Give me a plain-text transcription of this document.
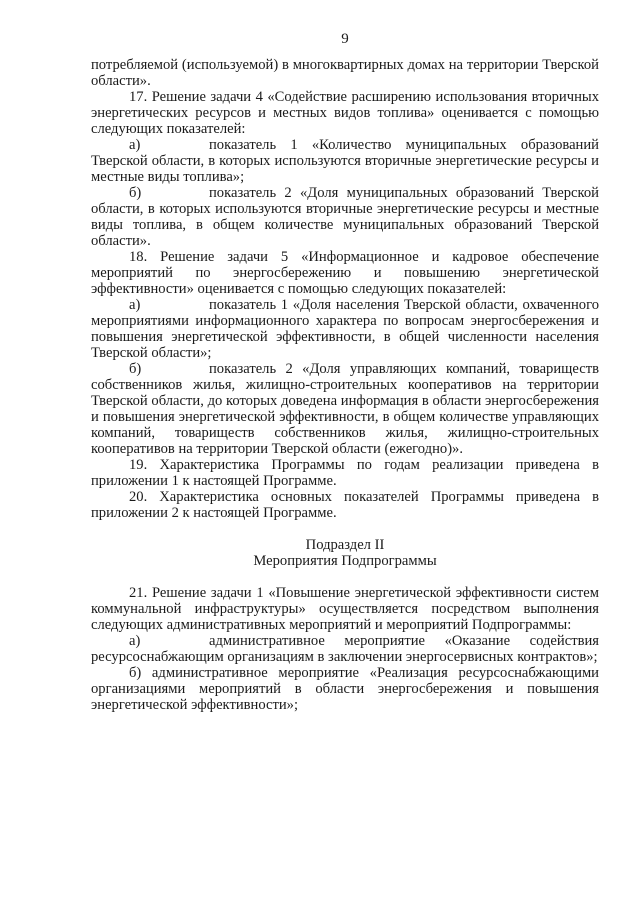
9

потребляемой (используемой) в многоквартирных домах на территории Тверской области».

17. Решение задачи 4 «Содействие расширению использования вторичных энергетических ресурсов и местных видов топлива» оценивается с помощью следующих показателей:

а)	показатель 1 «Количество муниципальных образований Тверской области, в которых используются вторичные энергетические ресурсы и местные виды топлива»;

б)	показатель 2 «Доля муниципальных образований Тверской области, в которых используются вторичные энергетические ресурсы и местные виды топлива, в общем количестве муниципальных образований Тверской области».

18. Решение задачи 5 «Информационное и кадровое обеспечение мероприятий по энергосбережению и повышению энергетической эффективности» оценивается с помощью следующих показателей:

а)	показатель 1 «Доля населения Тверской области, охваченного мероприятиями информационного характера по вопросам энергосбережения и повышения энергетической эффективности, в общей численности населения Тверской области»;

б)	показатель 2 «Доля управляющих компаний, товариществ собственников жилья, жилищно-строительных кооперативов на территории Тверской области, до которых доведена информация в области энергосбережения и повышения энергетической эффективности, в общем количестве управляющих компаний, товариществ собственников жилья, жилищно-строительных кооперативов на территории Тверской области (ежегодно)».

19. Характеристика Программы по годам реализации приведена в приложении 1 к настоящей Программе.

20. Характеристика основных показателей Программы приведена в приложении 2 к настоящей Программе.

Подраздел II

Мероприятия Подпрограммы

21. Решение задачи 1 «Повышение энергетической эффективности систем коммунальной инфраструктуры» осуществляется посредством выполнения следующих административных мероприятий и мероприятий Подпрограммы:

а)	административное мероприятие «Оказание содействия ресурсоснабжающим организациям в заключении энергосервисных контрактов»;

б) административное мероприятие «Реализация ресурсоснабжающими организациями мероприятий в области энергосбережения и повышения энергетической эффективности»;
